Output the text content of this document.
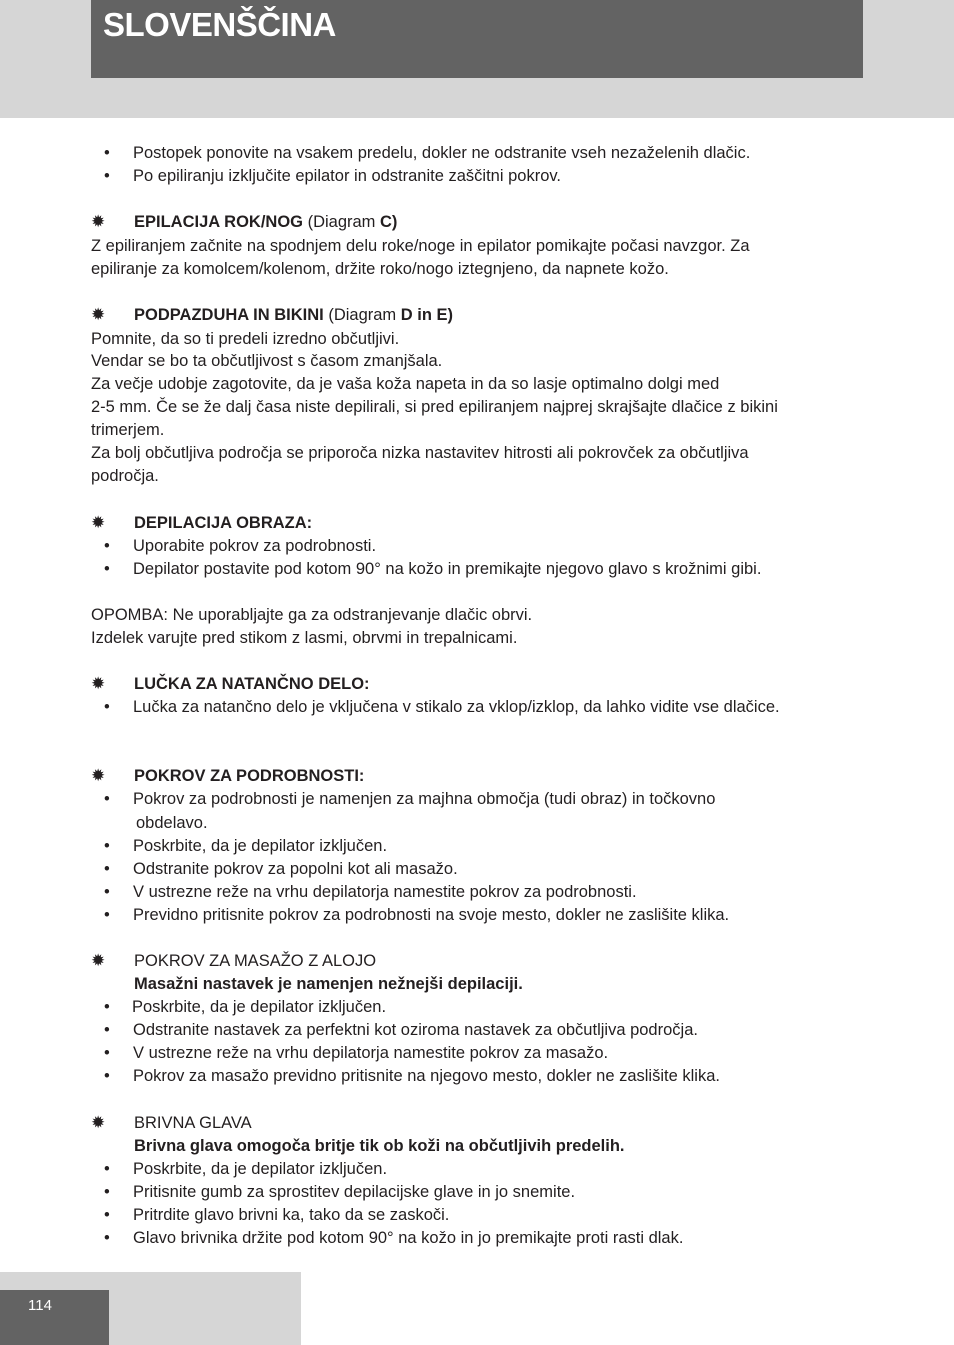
SLOVENŠČINA
• Postopek ponovite na vsakem predelu, dokler ne odstranite vseh nezaželenih dlačic.
• Po epiliranju izključite epilator in odstranite zaščitni pokrov.
✹ EPILACIJA ROK/NOG (Diagram C)
Z epiliranjem začnite na spodnjem delu roke/noge in epilator pomikajte počasi navzgor. Za
epiliranje za komolcem/kolenom, držite roko/nogo iztegnjeno, da napnete kožo.
✹ PODPAZDUHA IN BIKINI (Diagram D in E)
Pomnite, da so ti predeli izredno občutljivi.
Vendar se bo ta občutljivost s časom zmanjšala.
Za večje udobje zagotovite, da je vaša koža napeta in da so lasje optimalno dolgi med
2-5 mm. Če se že dalj časa niste depilirali, si pred epiliranjem najprej skrajšajte dlačice z bikini
trimerjem.
Za bolj občutljiva področja se priporoča nizka nastavitev hitrosti ali pokrovček za občutljiva
področja.
✹ DEPILACIJA OBRAZA:
• Uporabite pokrov za podrobnosti.
• Depilator postavite pod kotom 90° na kožo in premikajte njegovo glavo s krožnimi gibi.
OPOMBA: Ne uporabljajte ga za odstranjevanje dlačic obrvi.
Izdelek varujte pred stikom z lasmi, obrvmi in trepalnicami.
✹ LUČKA ZA NATANČNO DELO:
• Lučka za natančno delo je vključena v stikalo za vklop/izklop, da lahko vidite vse dlačice.
✹ POKROV ZA PODROBNOSTI:
• Pokrov za podrobnosti je namenjen za majhna območja (tudi obraz) in točkovno
obdelavo.
• Poskrbite, da je depilator izključen.
• Odstranite pokrov za popolni kot ali masažo.
• V ustrezne reže na vrhu depilatorja namestite pokrov za podrobnosti.
• Previdno pritisnite pokrov za podrobnosti na svoje mesto, dokler ne zaslišite klika.
✹ POKROV ZA MASAŽO Z ALOJO
Masažni nastavek je namenjen nežnejši depilaciji.
• Poskrbite, da je depilator izključen.
• Odstranite nastavek za perfektni kot oziroma nastavek za občutljiva področja.
• V ustrezne reže na vrhu depilatorja namestite pokrov za masažo.
• Pokrov za masažo previdno pritisnite na njegovo mesto, dokler ne zaslišite klika.
✹ BRIVNA GLAVA
Brivna glava omogoča britje tik ob koži na občutljivih predelih.
• Poskrbite, da je depilator izključen.
• Pritisnite gumb za sprostitev depilacijske glave in jo snemite.
• Pritrdite glavo brivni ka, tako da se zaskoči.
• Glavo brivnika držite pod kotom 90° na kožo in jo premikajte proti rasti dlak.
114
